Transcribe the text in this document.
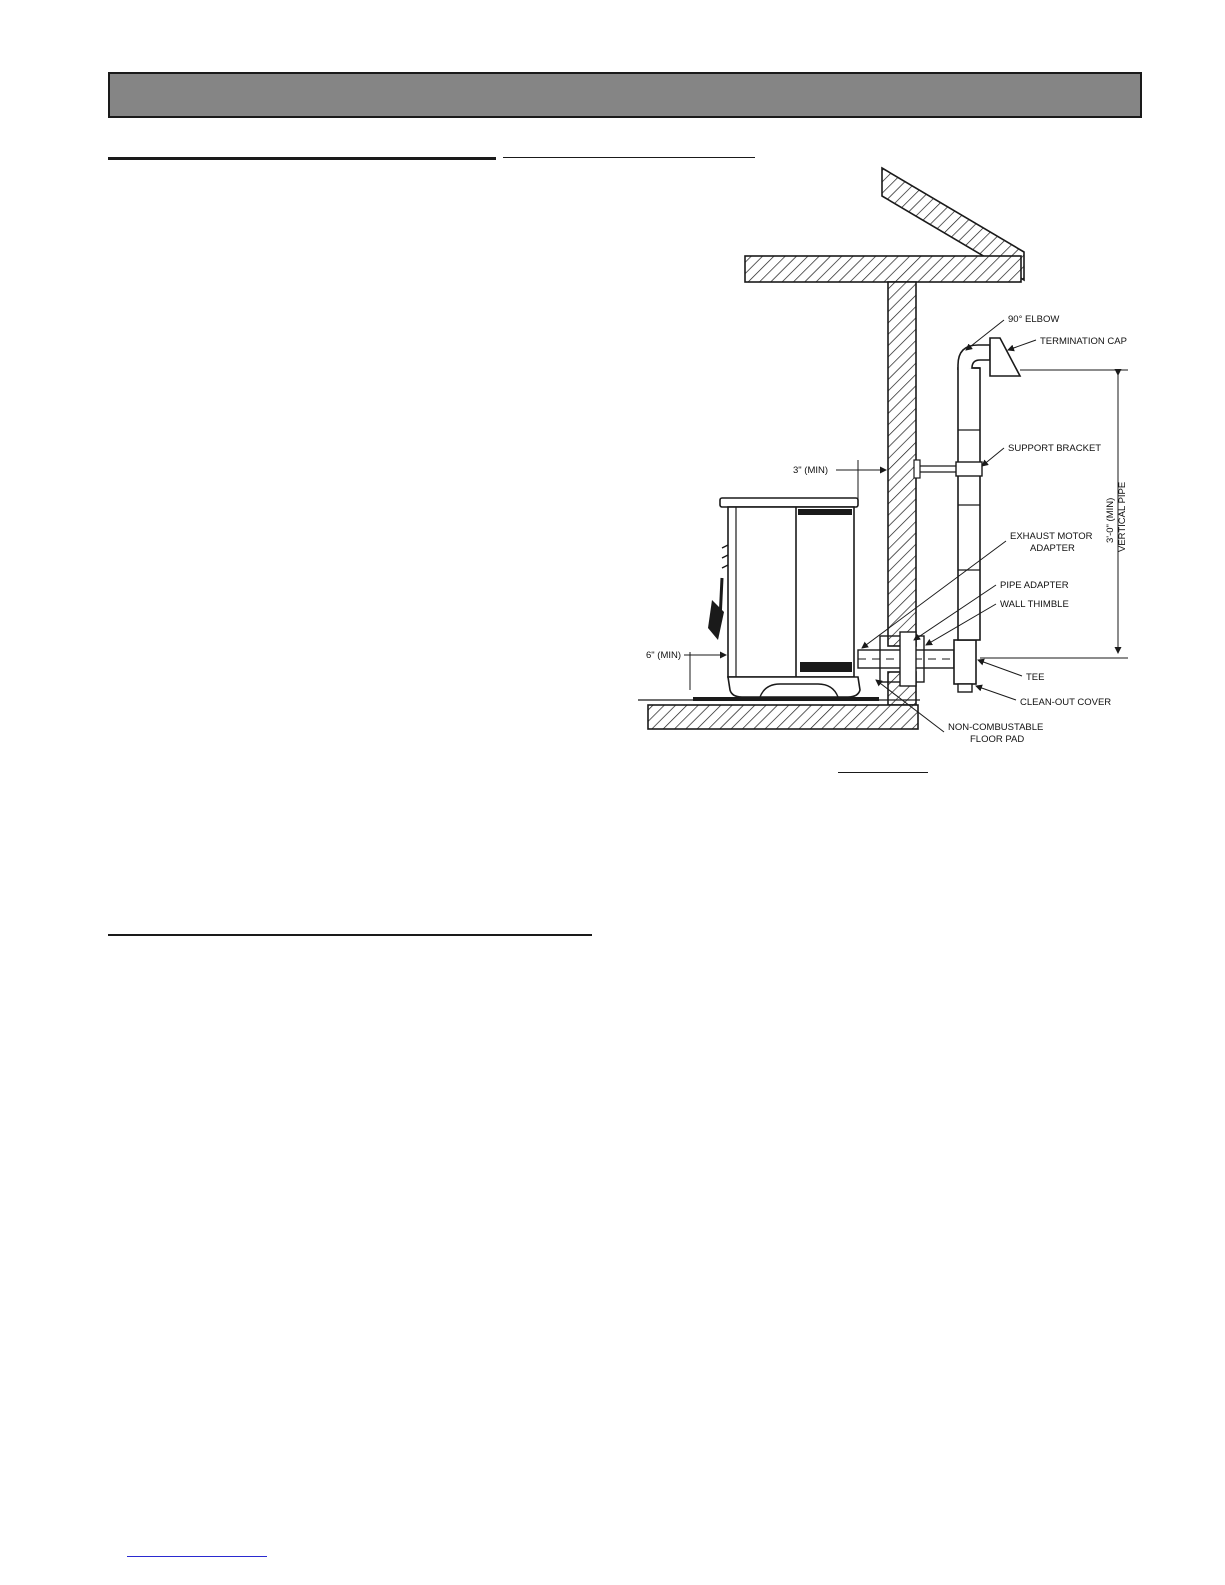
90° ELBOW
TERMINATION CAP
SUPPORT BRACKET
3" (MIN)
EXHAUST MOTOR
ADAPTER
PIPE ADAPTER
WALL THIMBLE
6" (MIN)
TEE
CLEAN-OUT COVER
NON-COMBUSTABLE
FLOOR PAD
3'-0" (MIN) VERTICAL PIPE
